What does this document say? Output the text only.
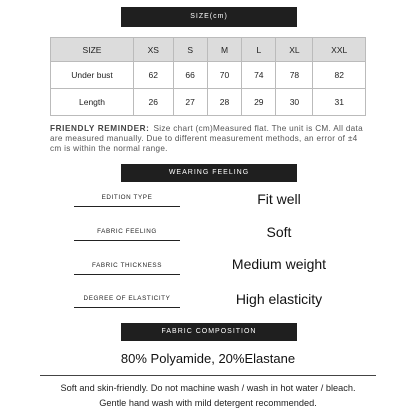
SIZE(cm)
SIZE	XS	S	M	L	XL	XXL
Under bust	62	66	70	74	78	82
Length	26	27	28	29	30	31
FRIENDLY REMINDER: Size chart (cm)Measured flat. The unit is CM. All data are measured manually. Due to different measurement methods, an error of ±4 cm is within the normal range.
WEARING FEELING
EDITION TYPE	Fit well
FABRIC FEELING	Soft
FABRIC THICKNESS	Medium weight
DEGREE OF ELASTICITY	High elasticity
FABRIC COMPOSITION
80% Polyamide, 20%Elastane
Soft and skin-friendly. Do not machine wash / wash in hot water / bleach.
Gentle hand wash with mild detergent recommended.
